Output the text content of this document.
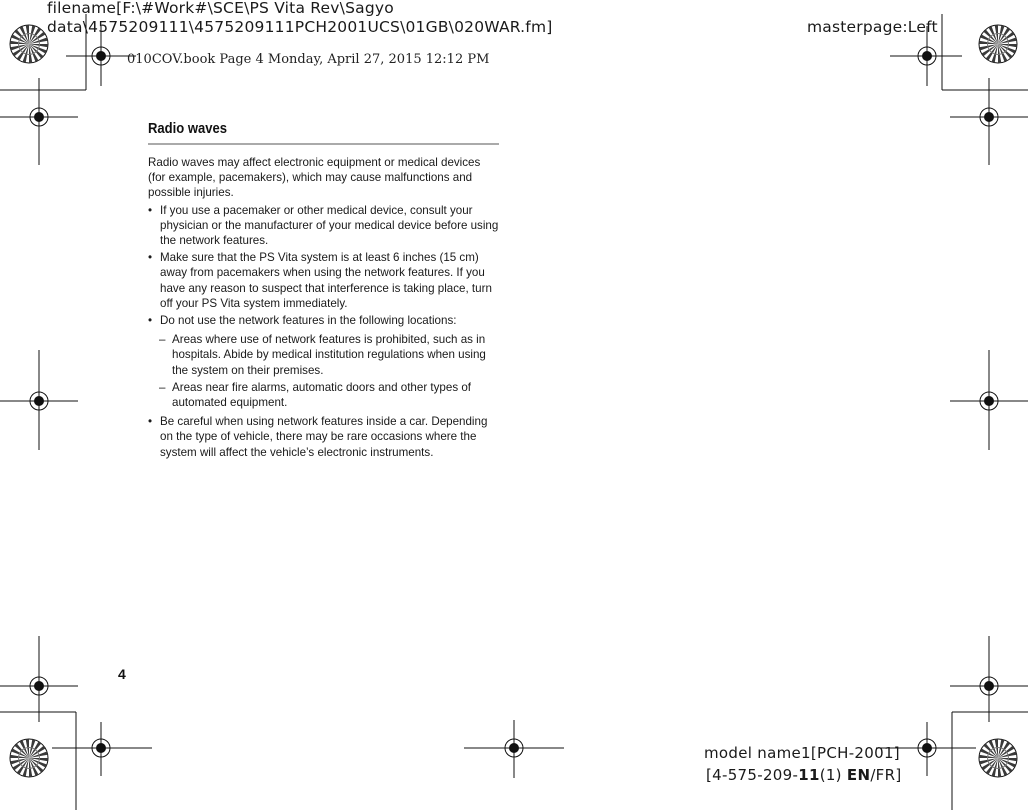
filename[F:\#Work#\SCE\PS Vita Rev\Sagyo
data\4575209111\4575209111PCH2001UCS\01GB\020WAR.fm]	masterpage:Left
010COV.book Page 4 Monday, April 27, 2015 12:12 PM
Radio waves

Radio waves may affect electronic equipment or medical devices (for example, pacemakers), which may cause malfunctions and possible injuries.

• If you use a pacemaker or other medical device, consult your physician or the manufacturer of your medical device before using the network features.
• Make sure that the PS Vita system is at least 6 inches (15 cm) away from pacemakers when using the network features. If you have any reason to suspect that interference is taking place, turn off your PS Vita system immediately.
• Do not use the network features in the following locations:
– Areas where use of network features is prohibited, such as in hospitals. Abide by medical institution regulations when using the system on their premises.
– Areas near fire alarms, automatic doors and other types of automated equipment.
• Be careful when using network features inside a car. Depending on the type of vehicle, there may be rare occasions where the system will affect the vehicle’s electronic instruments.
4
model name1[PCH-2001]
[4-575-209-11(1) EN/FR]
